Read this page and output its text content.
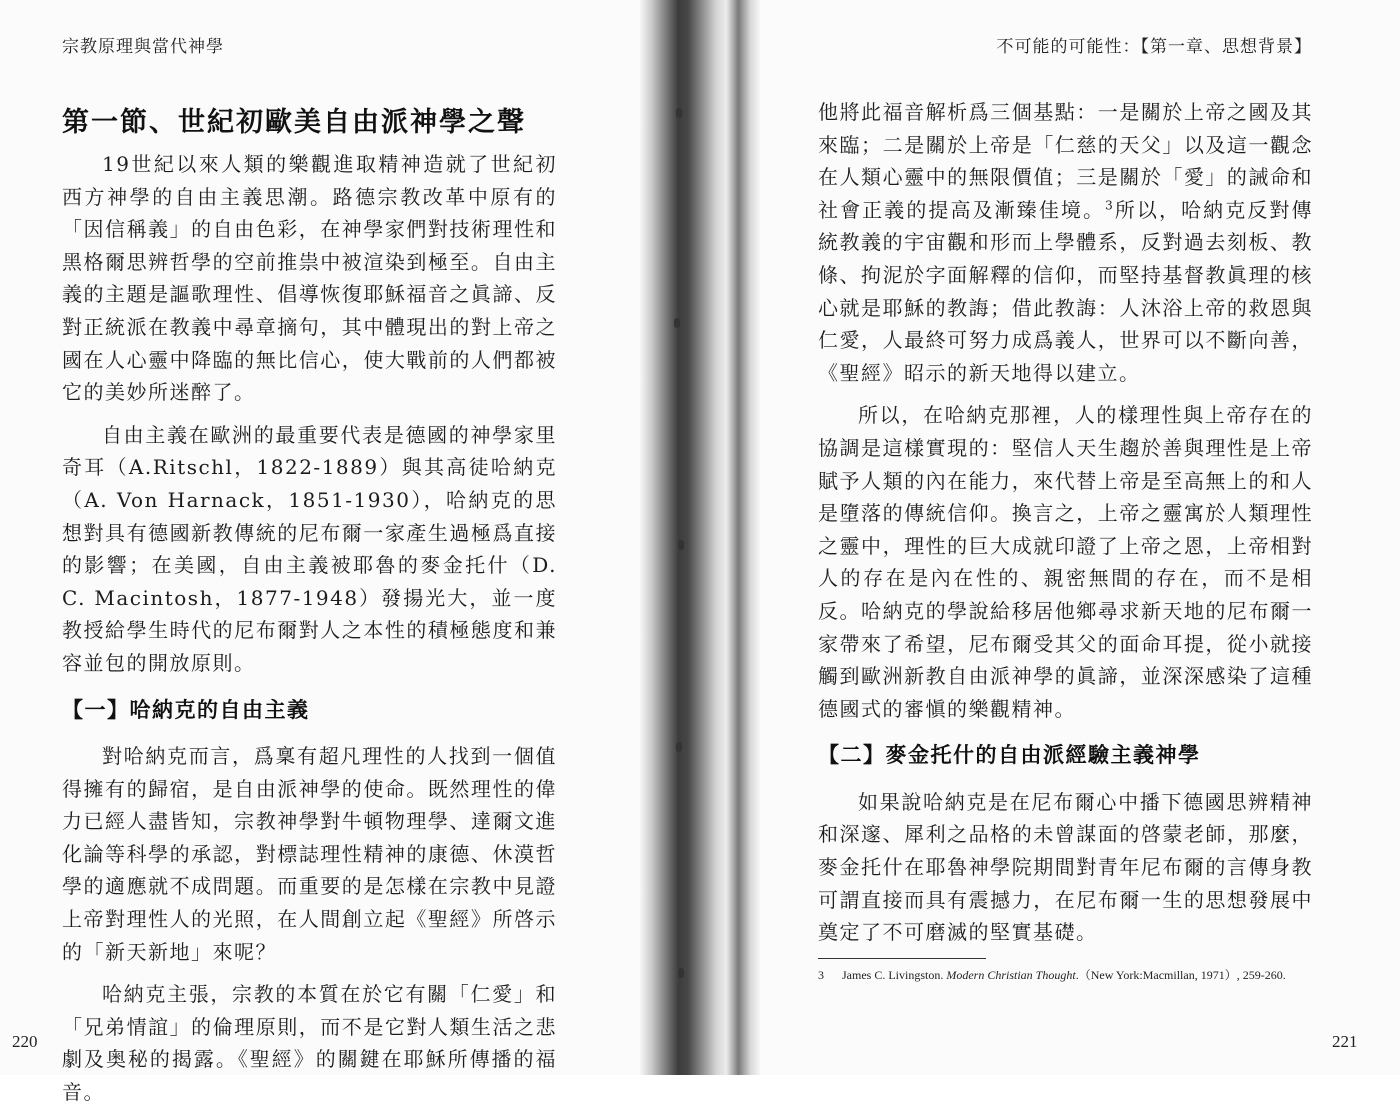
宗教原理與當代神學
第一節、世紀初歐美自由派神學之聲

19世紀以來人類的樂觀進取精神造就了世紀初西方神學的自由主義思潮。路德宗教改革中原有的「因信稱義」的自由色彩，在神學家們對技術理性和黑格爾思辨哲學的空前推祟中被渲染到極至。自由主義的主題是謳歌理性、倡導恢復耶穌福音之眞諦、反對正統派在教義中尋章摘句，其中體現出的對上帝之國在人心靈中降臨的無比信心，使大戰前的人們都被它的美妙所迷醉了。

自由主義在歐洲的最重要代表是德國的神學家里奇耳（A.Ritschl，1822-1889）與其高徒哈納克（A. Von Harnack，1851-1930），哈納克的思想對具有德國新教傳統的尼布爾一家產生過極爲直接的影響；在美國，自由主義被耶魯的麥金托什（D. C. Macintosh，1877-1948）發揚光大，並一度教授給學生時代的尼布爾對人之本性的積極態度和兼容並包的開放原則。

【一】哈納克的自由主義

對哈納克而言，爲稟有超凡理性的人找到一個值得擁有的歸宿，是自由派神學的使命。既然理性的偉力已經人盡皆知，宗教神學對牛頓物理學、達爾文進化論等科學的承認，對標誌理性精神的康德、休漠哲學的適應就不成問題。而重要的是怎樣在宗教中見證上帝對理性人的光照，在人間創立起《聖經》所啓示的「新天新地」來呢？

哈納克主張，宗教的本質在於它有關「仁愛」和「兄弟情誼」的倫理原則，而不是它對人類生活之悲劇及奥秘的揭露。《聖經》的關鍵在耶穌所傳播的福音。

220
不可能的可能性：【第一章、思想背景】

他將此福音解析爲三個基點：一是關於上帝之國及其來臨；二是關於上帝是「仁慈的天父」以及這一觀念在人類心靈中的無限價值；三是關於「愛」的誡命和社會正義的提高及漸臻佳境。$^3$所以，哈納克反對傳統教義的宇宙觀和形而上學體系，反對過去刻板、教條、拘泥於字面解釋的信仰，而堅持基督教眞理的核心就是耶穌的教誨；借此教誨：人沐浴上帝的救恩與仁愛，人最終可努力成爲義人，世界可以不斷向善，《聖經》昭示的新天地得以建立。

所以，在哈納克那裡，人的樣理性與上帝存在的協調是這樣實現的：堅信人天生趨於善與理性是上帝賦予人類的內在能力，來代替上帝是至高無上的和人是墮落的傳統信仰。換言之，上帝之靈寓於人類理性之靈中，理性的巨大成就印證了上帝之恩，上帝相對人的存在是內在性的、親密無間的存在，而不是相反。哈納克的學說給移居他鄉尋求新天地的尼布爾一家帶來了希望，尼布爾受其父的面命耳提，從小就接觸到歐洲新教自由派神學的眞諦，並深深感染了這種德國式的審愼的樂觀精神。

【二】麥金托什的自由派經驗主義神學

如果說哈納克是在尼布爾心中播下德國思辨精神和深邃、犀利之品格的未曾謀面的啓蒙老師，那麼，麥金托什在耶魯神學院期間對青年尼布爾的言傳身教可謂直接而具有震撼力，在尼布爾一生的思想發展中奠定了不可磨滅的堅實基礎。

3 James C. Livingston. Modern Christian Thought.（New York:Macmillan, 1971）, 259-260.
221
